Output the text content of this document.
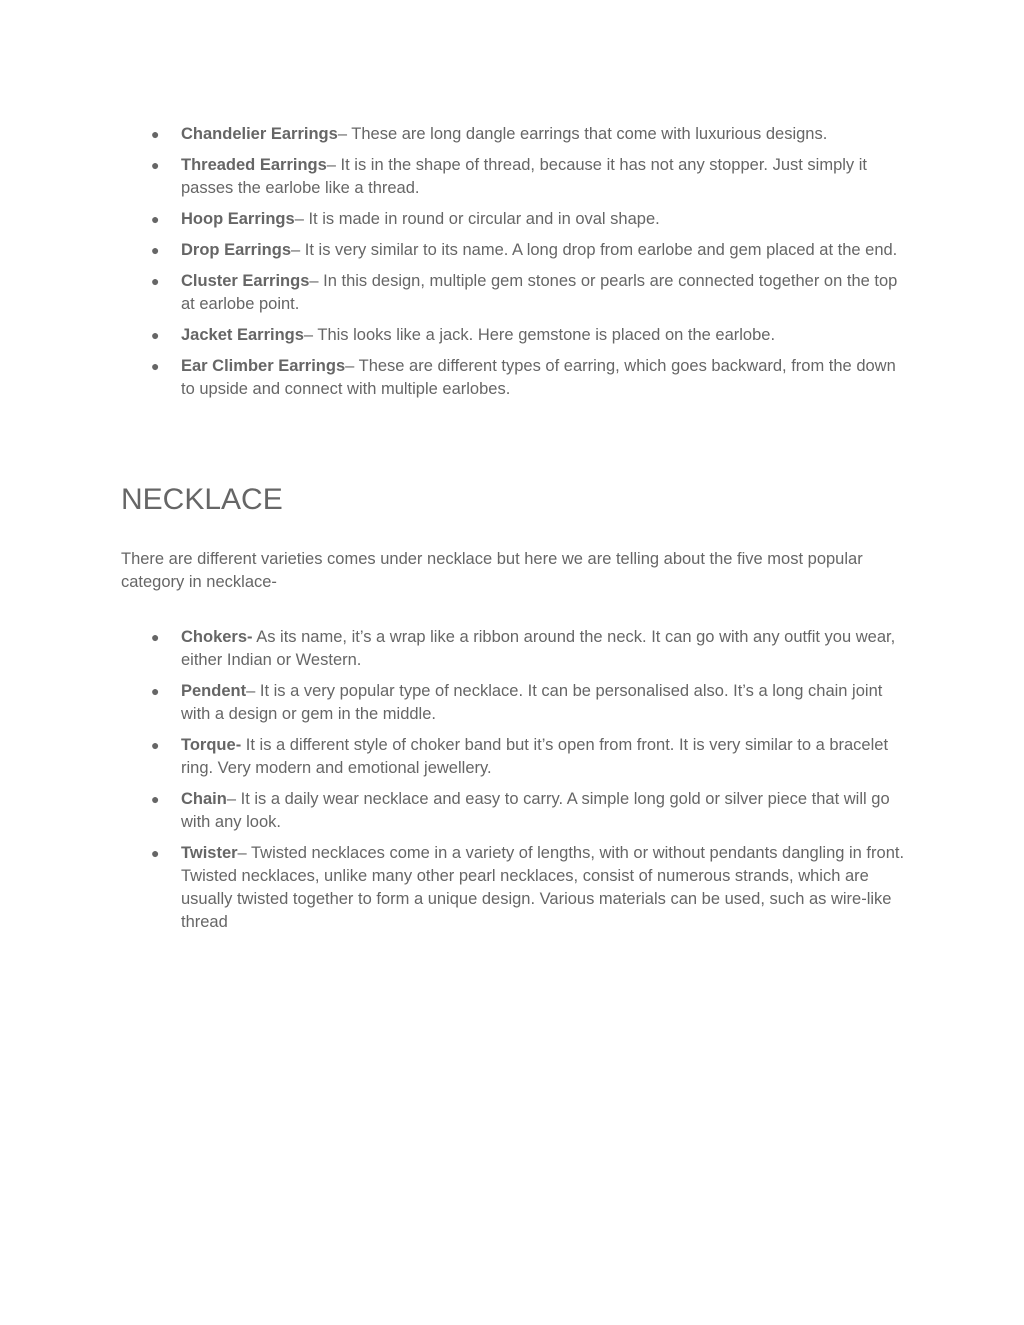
● Chandelier Earrings– These are long dangle earrings that come with luxurious designs.
● Threaded Earrings– It is in the shape of thread, because it has not any stopper. Just simply it passes the earlobe like a thread.
● Hoop Earrings– It is made in round or circular and in oval shape.
● Drop Earrings– It is very similar to its name. A long drop from earlobe and gem placed at the end.
● Cluster Earrings– In this design, multiple gem stones or pearls are connected together on the top at earlobe point.
● Jacket Earrings– This looks like a jack. Here gemstone is placed on the earlobe.
● Ear Climber Earrings– These are different types of earring, which goes backward, from the down to upside and connect with multiple earlobes.
NECKLACE

There are different varieties comes under necklace but here we are telling about the five most popular category in necklace-

● Chokers- As its name, it’s a wrap like a ribbon around the neck. It can go with any outfit you wear, either Indian or Western.
● Pendent– It is a very popular type of necklace. It can be personalised also. It’s a long chain joint with a design or gem in the middle.
● Torque- It is a different style of choker band but it’s open from front. It is very similar to a bracelet ring. Very modern and emotional jewellery.
● Chain– It is a daily wear necklace and easy to carry. A simple long gold or silver piece that will go with any look.
● Twister– Twisted necklaces come in a variety of lengths, with or without pendants dangling in front. Twisted necklaces, unlike many other pearl necklaces, consist of numerous strands, which are usually twisted together to form a unique design. Various materials can be used, such as wire-like thread
